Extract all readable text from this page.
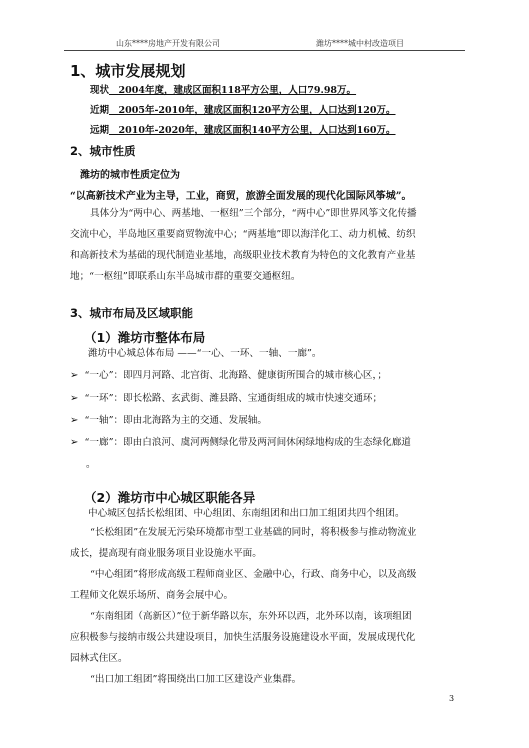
山东****房地产开发有限公司	潍坊****城中村改造项目
1、城市发展规划
现状  2004年度，建成区面积118平方公里，人口79.98万。
近期  2005年-2010年，建成区面积120平方公里，人口达到120万。
远期  2010年-2020年，建成区面积140平方公里，人口达到160万。
2、城市性质
潍坊的城市性质定位为
“以高新技术产业为主导，工业，商贸，旅游全面发展的现代化国际风筝城”。
具体分为“两中心、两基地、一枢纽”三个部分，“两中心”即世界风筝文化传播
交流中心，半岛地区重要商贸物流中心；“两基地”即以海洋化工、动力机械、纺织
和高新技术为基础的现代制造业基地，高级职业技术教育为特色的文化教育产业基
地；“一枢纽”即联系山东半岛城市群的重要交通枢纽。
3、城市布局及区域职能
（1）潍坊市整体布局
潍坊中心城总体布局 ——“一心、一环、一轴、一廊”。
➢ “一心”：即四月河路、北宫街、北海路、健康街所围合的城市核心区，；
➢ “一环”：即长松路、玄武街、潍县路、宝通街组成的城市快速交通环；
➢ “一轴”：即由北海路为主的交通、发展轴。
➢ “一廊”：即由白浪河、虞河两侧绿化带及两河间休闲绿地构成的生态绿化廊道
。
（2）潍坊市中心城区职能各异
中心城区包括长松组团、中心组团、东南组团和出口加工组团共四个组团。
“长松组团”在发展无污染环境都市型工业基础的同时，将积极参与推动物流业
成长，提高现有商业服务项目业设施水平面。
“中心组团”将形成高级工程师商业区、金融中心，行政、商务中心，以及高级
工程师文化娱乐场所、商务会展中心。
“东南组团（高新区）”位于新华路以东，东外环以西，北外环以南，该项组团
应积极参与接纳市级公共建设项目，加快生活服务设施建设水平面，发展成现代化
园林式住区。
“出口加工组团”将围绕出口加工区建设产业集群。
3
